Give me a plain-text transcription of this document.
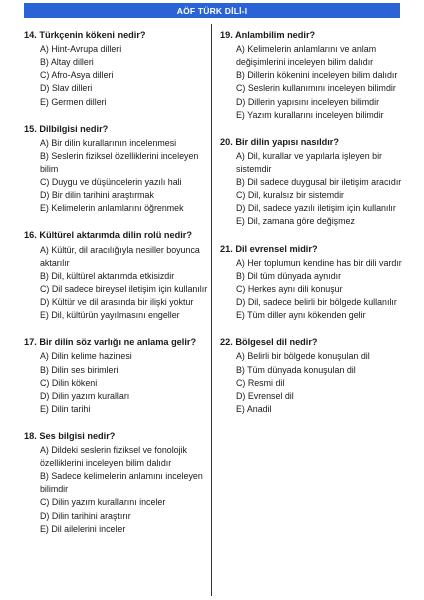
AÖF TÜRK DİLİ-I
14. Türkçenin kökeni nedir?
A) Hint-Avrupa dilleri
B) Altay dilleri
C) Afro-Asya dilleri
D) Slav dilleri
E) Germen dilleri
15. Dilbilgisi nedir?
A) Bir dilin kurallarının incelenmesi
B) Seslerin fiziksel özelliklerini inceleyen bilim
C) Duygu ve düşüncelerin yazılı hali
D) Bir dilin tarihini araştırmak
E) Kelimelerin anlamlarını öğrenmek
16. Kültürel aktarımda dilin rolü nedir?
A) Kültür, dil aracılığıyla nesiller boyunca aktarılır
B) Dil, kültürel aktarımda etkisizdir
C) Dil sadece bireysel iletişim için kullanılır
D) Kültür ve dil arasında bir ilişki yoktur
E) Dil, kültürün yayılmasını engeller
17. Bir dilin söz varlığı ne anlama gelir?
A) Dilin kelime hazinesi
B) Dilin ses birimleri
C) Dilin kökeni
D) Dilin yazım kuralları
E) Dilin tarihi
18. Ses bilgisi nedir?
A) Dildeki seslerin fiziksel ve fonolojik özelliklerini inceleyen bilim dalıdır
B) Sadece kelimelerin anlamını inceleyen bilimdir
C) Dilin yazım kurallarını inceler
D) Dilin tarihini araştırır
E) Dil ailelerini inceler
19. Anlambilim nedir?
A) Kelimelerin anlamlarını ve anlam değişimlerini inceleyen bilim dalıdır
B) Dillerin kökenini inceleyen bilim dalıdır
C) Seslerin kullanımını inceleyen bilimdir
D) Dillerin yapısını inceleyen bilimdir
E) Yazım kurallarını inceleyen bilimdir
20. Bir dilin yapısı nasıldır?
A) Dil, kurallar ve yapılarla işleyen bir sistemdir
B) Dil sadece duygusal bir iletişim aracıdır
C) Dil, kuralsız bir sistemdir
D) Dil, sadece yazılı iletişim için kullanılır
E) Dil, zamana göre değişmez
21. Dil evrensel midir?
A) Her toplumun kendine has bir dili vardır
B) Dil tüm dünyada aynıdır
C) Herkes aynı dili konuşur
D) Dil, sadece belirli bir bölgede kullanılır
E) Tüm diller aynı kökenden gelir
22. Bölgesel dil nedir?
A) Belirli bir bölgede konuşulan dil
B) Tüm dünyada konuşulan dil
C) Resmi dil
D) Evrensel dil
E) Anadil
